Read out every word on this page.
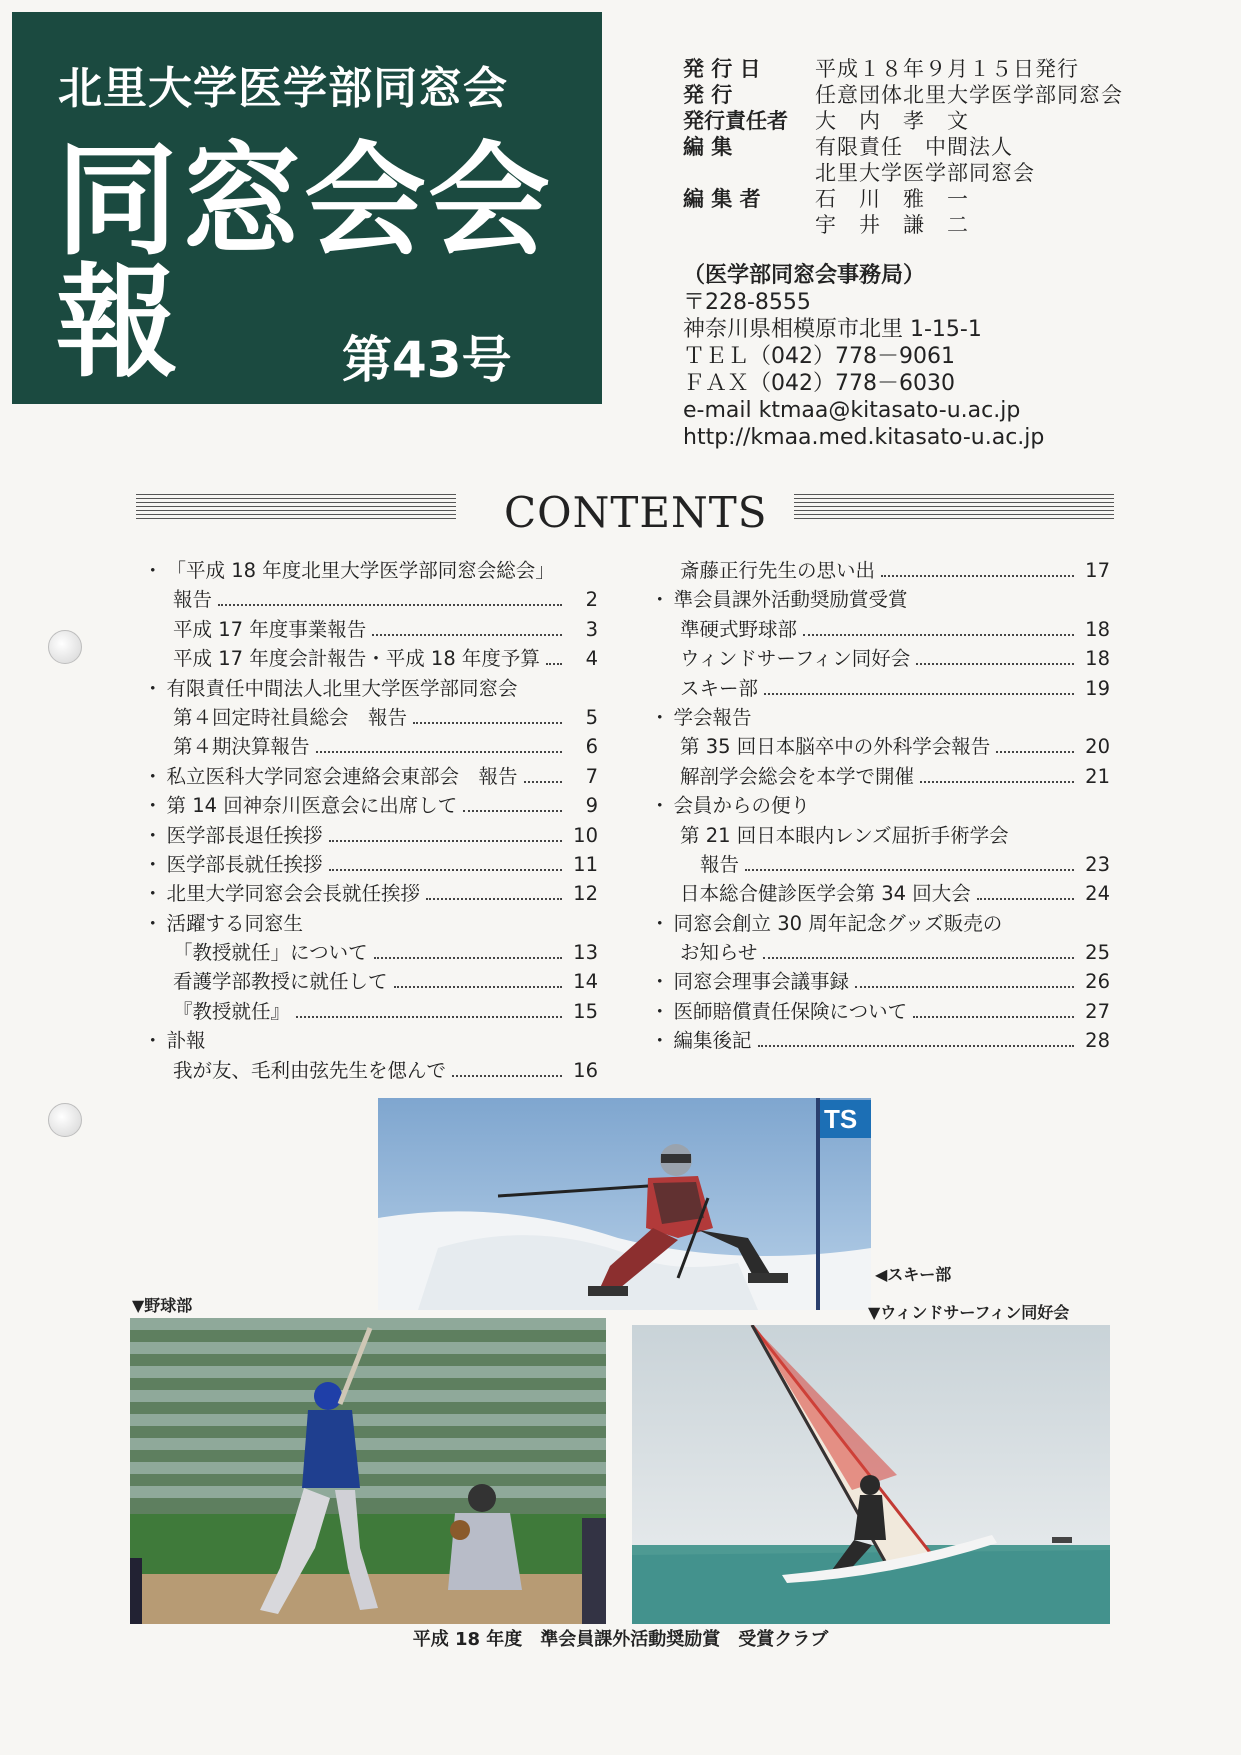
北里大学医学部同窓会
同窓会会報	第43号
発 行 日	平成１８年９月１５日発行
発 行	任意団体北里大学医学部同窓会
発行責任者	大　内　孝　文
編 集	有限責任　中間法人
北里大学医学部同窓会
編 集 者	石　川　雅　一
宇　井　謙　二
（医学部同窓会事務局）
〒228-8555
神奈川県相模原市北里 1-15-1
ＴＥＬ（042）778－9061
ＦＡＸ（042）778－6030
e-mail ktmaa@kitasato-u.ac.jp
http://kmaa.med.kitasato-u.ac.jp
CONTENTS
・ 「平成 18 年度北里大学医学部同窓会総会」
報告	2
平成 17 年度事業報告	3
平成 17 年度会計報告・平成 18 年度予算	4
・ 有限責任中間法人北里大学医学部同窓会
第４回定時社員総会　報告	5
第４期決算報告	6
・ 私立医科大学同窓会連絡会東部会　報告	7
・ 第 14 回神奈川医意会に出席して	9
・ 医学部長退任挨拶	10
・ 医学部長就任挨拶	11
・ 北里大学同窓会会長就任挨拶	12
・ 活躍する同窓生
「教授就任」について	13
看護学部教授に就任して	14
『教授就任』	15
・ 訃報
我が友、毛利由弦先生を偲んで	16
斎藤正行先生の思い出	17
・ 準会員課外活動奨励賞受賞
準硬式野球部	18
ウィンドサーフィン同好会	18
スキー部	19
・ 学会報告
第 35 回日本脳卒中の外科学会報告	20
解剖学会総会を本学で開催	21
・ 会員からの便り
第 21 回日本眼内レンズ屈折手術学会
報告	23
日本総合健診医学会第 34 回大会	24
・ 同窓会創立 30 周年記念グッズ販売の
お知らせ	25
・ 同窓会理事会議事録	26
・ 医師賠償責任保険について	27
・ 編集後記	28
TS
◀スキー部
▼野球部	▼ウィンドサーフィン同好会
平成 18 年度　準会員課外活動奨励賞　受賞クラブ
